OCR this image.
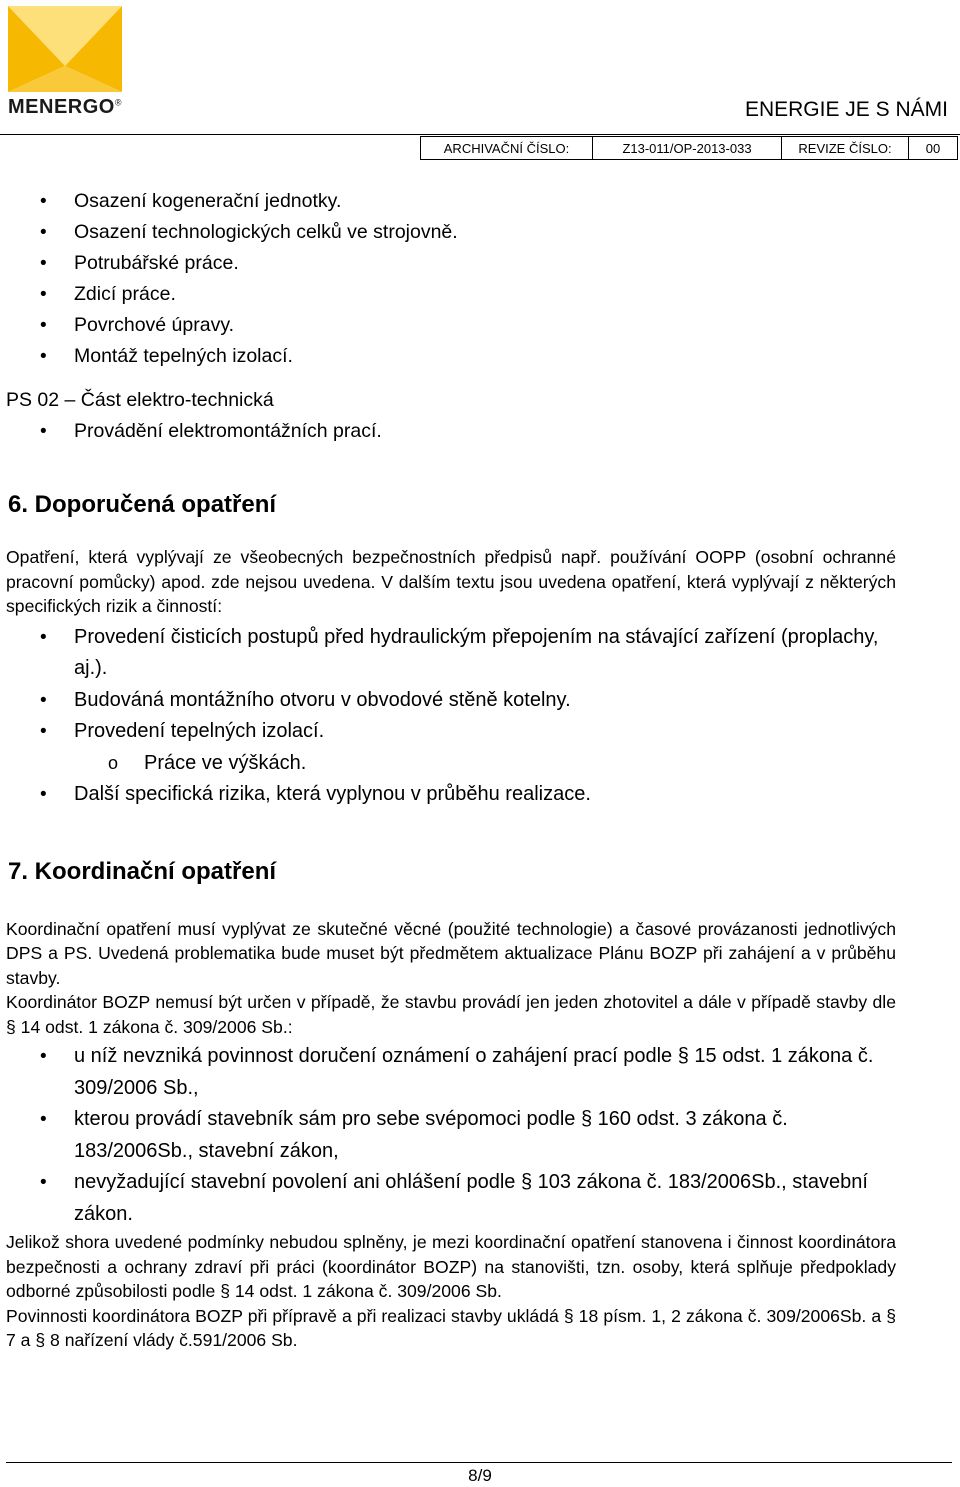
MENERGO®	ENERGIE JE S NÁMI
ARCHIVAČNÍ ČÍSLO:	Z13-011/OP-2013-033	REVIZE ČÍSLO:	00
• Osazení kogenerační jednotky.
• Osazení technologických celků ve strojovně.
• Potrubářské práce.
• Zdicí práce.
• Povrchové úpravy.
• Montáž tepelných izolací.
PS 02 – Část elektro-technická
• Provádění elektromontážních prací.
6. Doporučená opatření

Opatření, která vyplývají ze všeobecných bezpečnostních předpisů např. používání OOPP (osobní ochranné pracovní pomůcky) apod. zde nejsou uvedena. V dalším textu jsou uvedena opatření, která vyplývají z některých specifických rizik a činností:

• Provedení čisticích postupů před hydraulickým přepojením na stávající zařízení (proplachy, aj.).
• Budováná montážního otvoru v obvodové stěně kotelny.
• Provedení tepelných izolací.
o Práce ve výškách.
• Další specifická rizika, která vyplynou v průběhu realizace.
7. Koordinační opatření

Koordinační opatření musí vyplývat ze skutečné věcné (použité technologie) a časové provázanosti jednotlivých DPS a PS. Uvedená problematika bude muset být předmětem aktualizace Plánu BOZP při zahájení a v průběhu stavby.

Koordinátor BOZP nemusí být určen v případě, že stavbu provádí jen jeden zhotovitel a dále v případě stavby dle § 14 odst. 1 zákona č. 309/2006 Sb.:

• u níž nevzniká povinnost doručení oznámení o zahájení prací podle § 15 odst. 1 zákona č. 309/2006 Sb.,
• kterou provádí stavebník sám pro sebe svépomoci podle § 160 odst. 3 zákona č. 183/2006Sb., stavební zákon,
• nevyžadující stavební povolení ani ohlášení podle § 103 zákona č. 183/2006Sb., stavební zákon.

Jelikož shora uvedené podmínky nebudou splněny, je mezi koordinační opatření stanovena i činnost koordinátora bezpečnosti a ochrany zdraví při práci (koordinátor BOZP) na stanovišti, tzn. osoby, která splňuje předpoklady odborné způsobilosti podle § 14 odst. 1 zákona č. 309/2006 Sb.

Povinnosti koordinátora BOZP při přípravě a při realizaci stavby ukládá § 18 písm. 1, 2 zákona č. 309/2006Sb. a § 7 a § 8 nařízení vlády č.591/2006 Sb.

8/9
